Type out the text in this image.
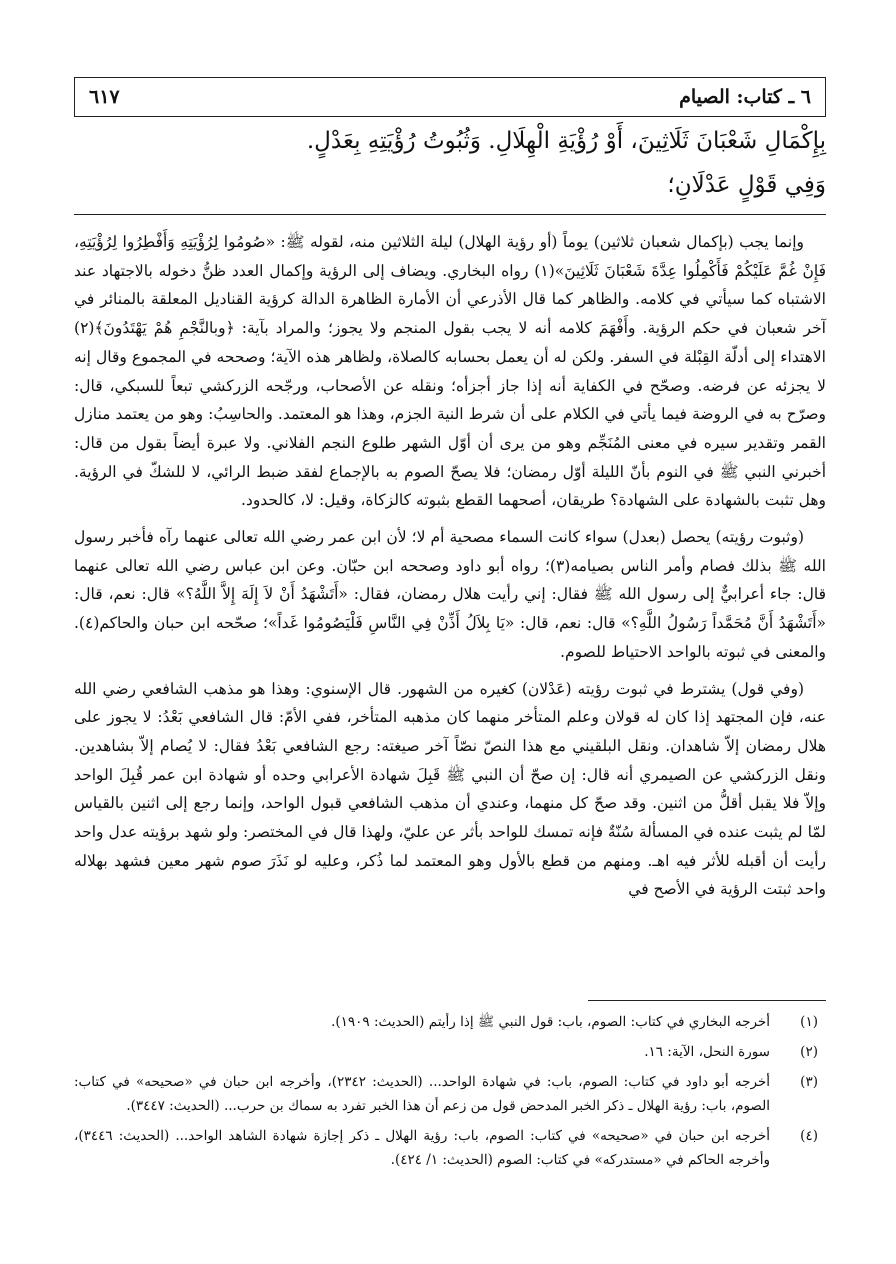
٦ ـ كتاب: الصيام
٦١٧
بِإِكْمَالِ شَعْبَانَ ثَلَاثِينَ، أَوْ رُؤْيَةِ الْهِلَالِ. وَثُبُوتُ رُؤْيَتِهِ بِعَدْلٍ.
وَفِي قَوْلٍ عَدْلَانِ؛

وإنما يجب (بإكمال شعبان ثلاثين) يوماً (أو رؤية الهلال) ليلة الثلاثين منه، لقوله ﷺ: «صُومُوا لِرُؤْيَتِهِ وَأَفْطِرُوا لِرُؤْيَتِهِ، فَإِنْ غُمَّ عَلَيْكُمْ فَأَكْمِلُوا عِدَّةَ شَعْبَانَ ثَلَاثِينَ»(١) رواه البخاري. ويضاف إلى الرؤية وإكمال العدد ظنُّ دخوله بالاجتهاد عند الاشتباه كما سيأتي في كلامه. والظاهر كما قال الأذرعي أن الأمارة الظاهرة الدالة كرؤية القناديل المعلقة بالمنائر في آخر شعبان في حكم الرؤية. وأَفْهَمَ كلامه أنه لا يجب بقول المنجم ولا يجوز؛ والمراد بآية: ﴿وبالنَّجْمِ هُمْ يَهْتَدُونَ﴾(٢) الاهتداء إلى أدلّة القِبْلة في السفر. ولكن له أن يعمل بحسابه كالصلاة، ولظاهر هذه الآية؛ وصححه في المجموع وقال إنه لا يجزئه عن فرضه. وصحّح في الكفاية أنه إذا جاز أجزأه؛ ونقله عن الأصحاب، ورجّحه الزركشي تبعاً للسبكي، قال: وصرّح به في الروضة فيما يأتي في الكلام على أن شرط النية الجزم، وهذا هو المعتمد. والحاسِبُ: وهو من يعتمد منازل القمر وتقدير سيره في معنى المُنَجِّم وهو من يرى أن أوّل الشهر طلوع النجم الفلاني. ولا عبرة أيضاً بقول من قال: أخبرني النبي ﷺ في النوم بأنّ الليلة أوّل رمضان؛ فلا يصحّ الصوم به بالإجماع لفقد ضبط الرائي، لا للشكّ في الرؤية. وهل تثبت بالشهادة على الشهادة؟ طريقان، أصحهما القطع بثبوته كالزكاة، وقيل: لا، كالحدود.

(وثبوت رؤيته) يحصل (بعدل) سواء كانت السماء مصحية أم لا؛ لأن ابن عمر رضي الله تعالى عنهما رآه فأخبر رسول الله ﷺ بذلك فصام وأمر الناس بصيامه(٣)؛ رواه أبو داود وصححه ابن حبّان. وعن ابن عباس رضي الله تعالى عنهما قال: جاء أعرابيٌّ إلى رسول الله ﷺ فقال: إني رأيت هلال رمضان، فقال: «أَتَشْهَدُ أَنْ لاَ إِلَهَ إِلاَّ اللَّهُ؟» قال: نعم، قال: «أَتَشْهَدُ أَنَّ مُحَمَّداً رَسُولُ اللَّهِ؟» قال: نعم، قال: «يَا بِلاَلُ أَذِّنْ فِي النَّاسِ فَلْيَصُومُوا غَداً»؛ صحّحه ابن حبان والحاكم(٤). والمعنى في ثبوته بالواحد الاحتياط للصوم.

(وفي قول) يشترط في ثبوت رؤيته (عَدْلان) كغيره من الشهور. قال الإسنوي: وهذا هو مذهب الشافعي رضي الله عنه، فإن المجتهد إذا كان له قولان وعلم المتأخر منهما كان مذهبه المتأخر، ففي الأمّ: قال الشافعي بَعْدُ: لا يجوز على هلال رمضان إلاّ شاهدان. ونقل البلقيني مع هذا النصّ نصّاً آخر صيغته: رجع الشافعي بَعْدُ فقال: لا يُصام إلاّ بشاهدين. ونقل الزركشي عن الصيمري أنه قال: إن صحّ أن النبي ﷺ قَبِلَ شهادة الأعرابي وحده أو شهادة ابن عمر قُبِلَ الواحد وإلاّ فلا يقبل أقلُّ من اثنين. وقد صحّ كل منهما، وعندي أن مذهب الشافعي قبول الواحد، وإنما رجع إلى اثنين بالقياس لمّا لم يثبت عنده في المسألة سُنّةٌ فإنه تمسك للواحد بأثر عن عليّ، ولهذا قال في المختصر: ولو شهد برؤيته عدل واحد رأيت أن أقبله للأثر فيه اهـ. ومنهم من قطع بالأول وهو المعتمد لما ذُكر، وعليه لو نَذَرَ صوم شهر معين فشهد بهلاله واحد ثبتت الرؤية في الأصح في

(١)
أخرجه البخاري في كتاب: الصوم، باب: قول النبي ﷺ إذا رأيتم (الحديث: ١٩٠٩).
(٢)
سورة النحل، الآية: ١٦.
(٣)
أخرجه أبو داود في كتاب: الصوم، باب: في شهادة الواحد... (الحديث: ٢٣٤٢)، وأخرجه ابن حبان في «صحيحه» في كتاب: الصوم، باب: رؤية الهلال ـ ذكر الخبر المدحض قول من زعم أن هذا الخبر تفرد به سماك بن حرب... (الحديث: ٣٤٤٧).
(٤)
أخرجه ابن حبان في «صحيحه» في كتاب: الصوم، باب: رؤية الهلال ـ ذكر إجازة شهادة الشاهد الواحد... (الحديث: ٣٤٤٦)، وأخرجه الحاكم في «مستدركه» في كتاب: الصوم (الحديث: ١/ ٤٢٤).
